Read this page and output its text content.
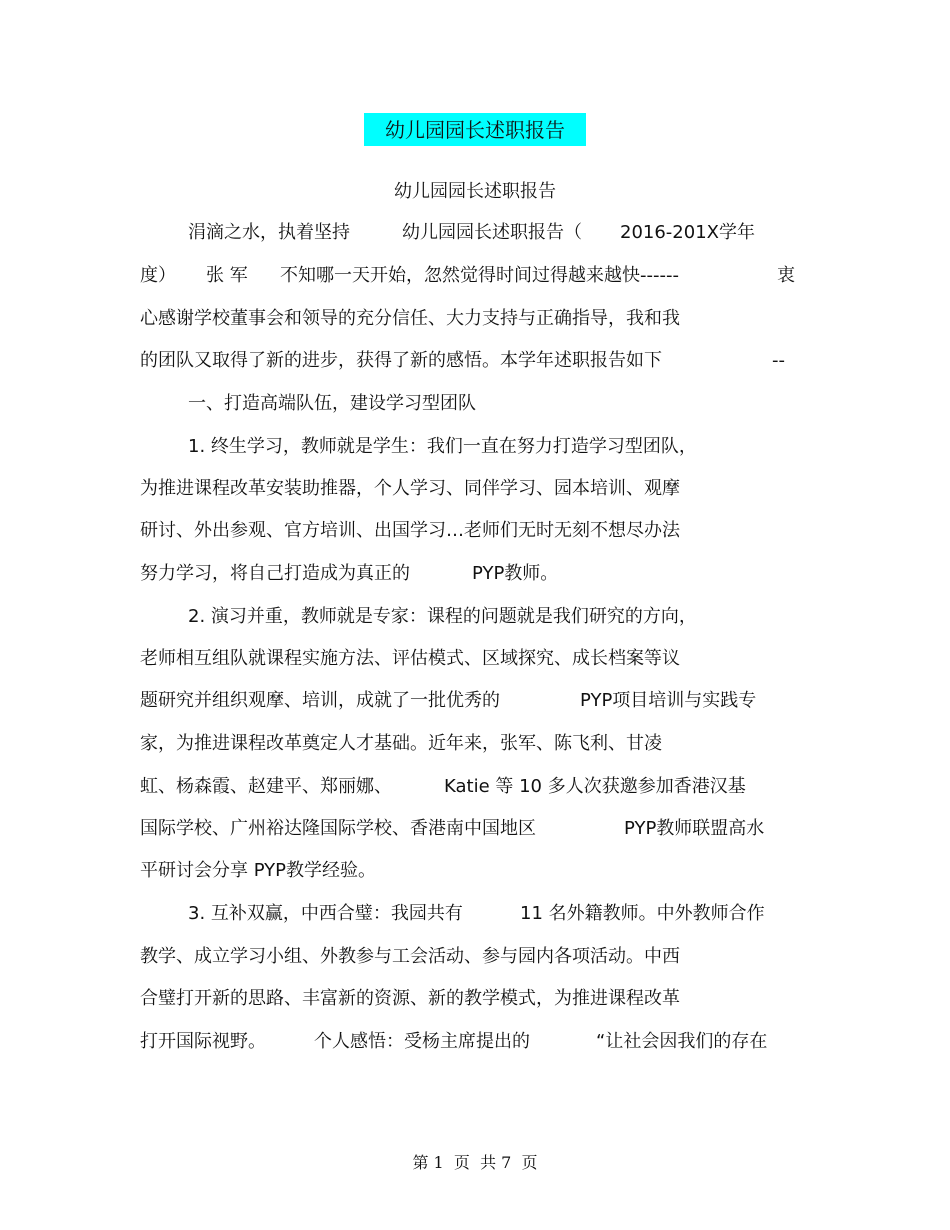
幼儿园园长述职报告
幼儿园园长述职报告
涓滴之水，执着坚持	幼儿园园长述职报告（ 2016-201X学年
度） 张 军 不知哪一天开始，忽然觉得时间过得越来越快------	衷
心感谢学校董事会和领导的充分信任、大力支持与正确指导，我和我
的团队又取得了新的进步，获得了新的感悟。本学年述职报告如下	--
一、打造高端队伍，建设学习型团队
1. 终生学习，教师就是学生：我们一直在努力打造学习型团队，
为推进课程改革安装助推器，个人学习、同伴学习、园本培训、观摩
研讨、外出参观、官方培训、出国学习…老师们无时无刻不想尽办法
努力学习，将自己打造成为真正的	PYP教师。
2. 演习并重，教师就是专家：课程的问题就是我们研究的方向，
老师相互组队就课程实施方法、评估模式、区域探究、成长档案等议
题研究并组织观摩、培训，成就了一批优秀的	PYP项目培训与实践专
家，为推进课程改革奠定人才基础。近年来，张军、陈飞利、甘凌
虹、杨森霞、赵建平、郑丽娜、	Katie 等 10 多人次获邀参加香港汉基
国际学校、广州裕达隆国际学校、香港南中国地区	PYP教师联盟高水
平研讨会分享 PYP教学经验。
3. 互补双赢，中西合璧：我园共有	11 名外籍教师。中外教师合作
教学、成立学习小组、外教参与工会活动、参与园内各项活动。中西
合璧打开新的思路、丰富新的资源、新的教学模式，为推进课程改革
打开国际视野。	个人感悟：受杨主席提出的	“让社会因我们的存在
第 1  页  共 7  页
